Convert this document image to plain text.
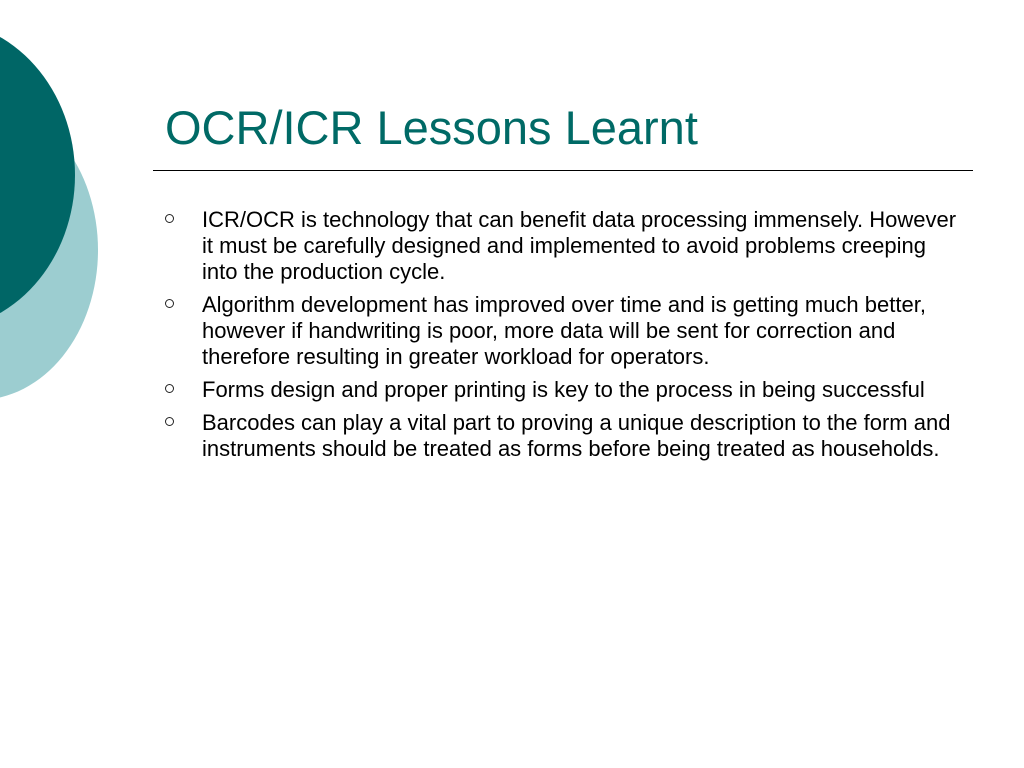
OCR/ICR Lessons Learnt
ICR/OCR is technology that can benefit data processing immensely. However it must be carefully designed and implemented to avoid problems creeping into the production cycle.
Algorithm development has improved over time and is getting much better, however if handwriting is poor, more data will be sent for correction and therefore resulting in greater workload for operators.
Forms design and proper printing is key to the process in being successful
Barcodes can play a vital part to proving a unique description to the form and instruments should be treated as forms before being treated as households.
